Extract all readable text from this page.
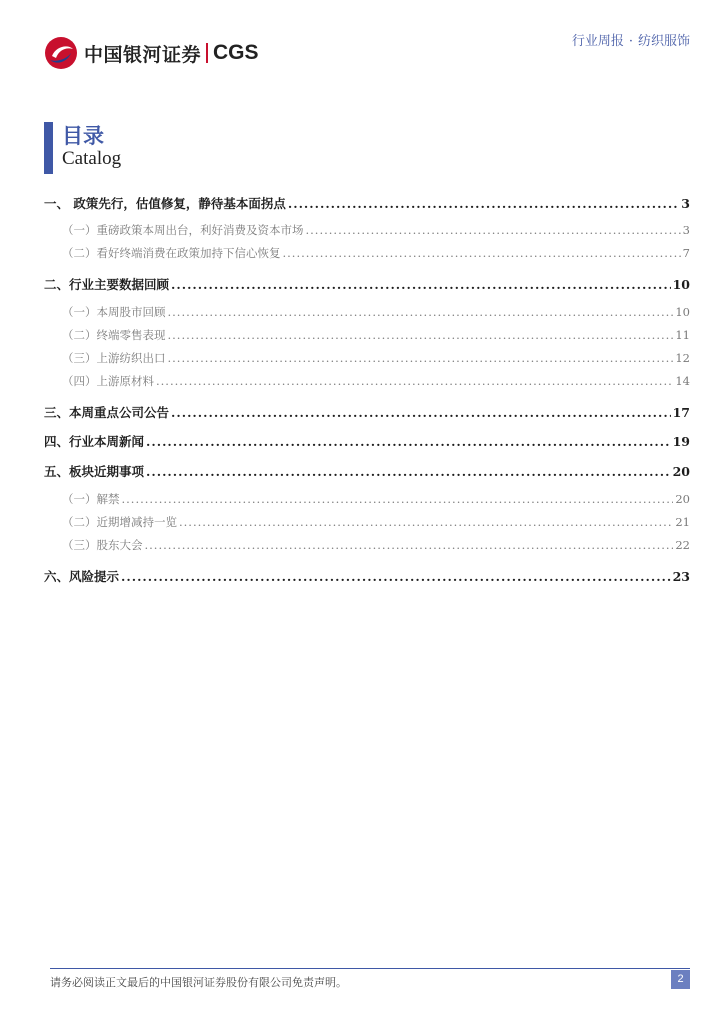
中国银河证券 CGS	行业周报 · 纺织服饰
目录
Catalog
一、 政策先行，估值修复，静待基本面拐点 .....	3
（一）重磅政策本周出台，利好消费及资本市场 .....	3
（二）看好终端消费在政策加持下信心恢复 .....	7
二、行业主要数据回顾 .....	10
（一）本周股市回顾 .....	10
（二）终端零售表现 .....	11
（三）上游纺织出口 .....	12
（四）上游原材料 .....	14
三、本周重点公司公告 .....	17
四、行业本周新闻 .....	19
五、板块近期事项 .....	20
（一）解禁 .....	20
（二）近期增减持一览 .....	21
（三）股东大会 .....	22
六、风险提示 .....	23
请务必阅读正文最后的中国银河证券股份有限公司免责声明。	2
